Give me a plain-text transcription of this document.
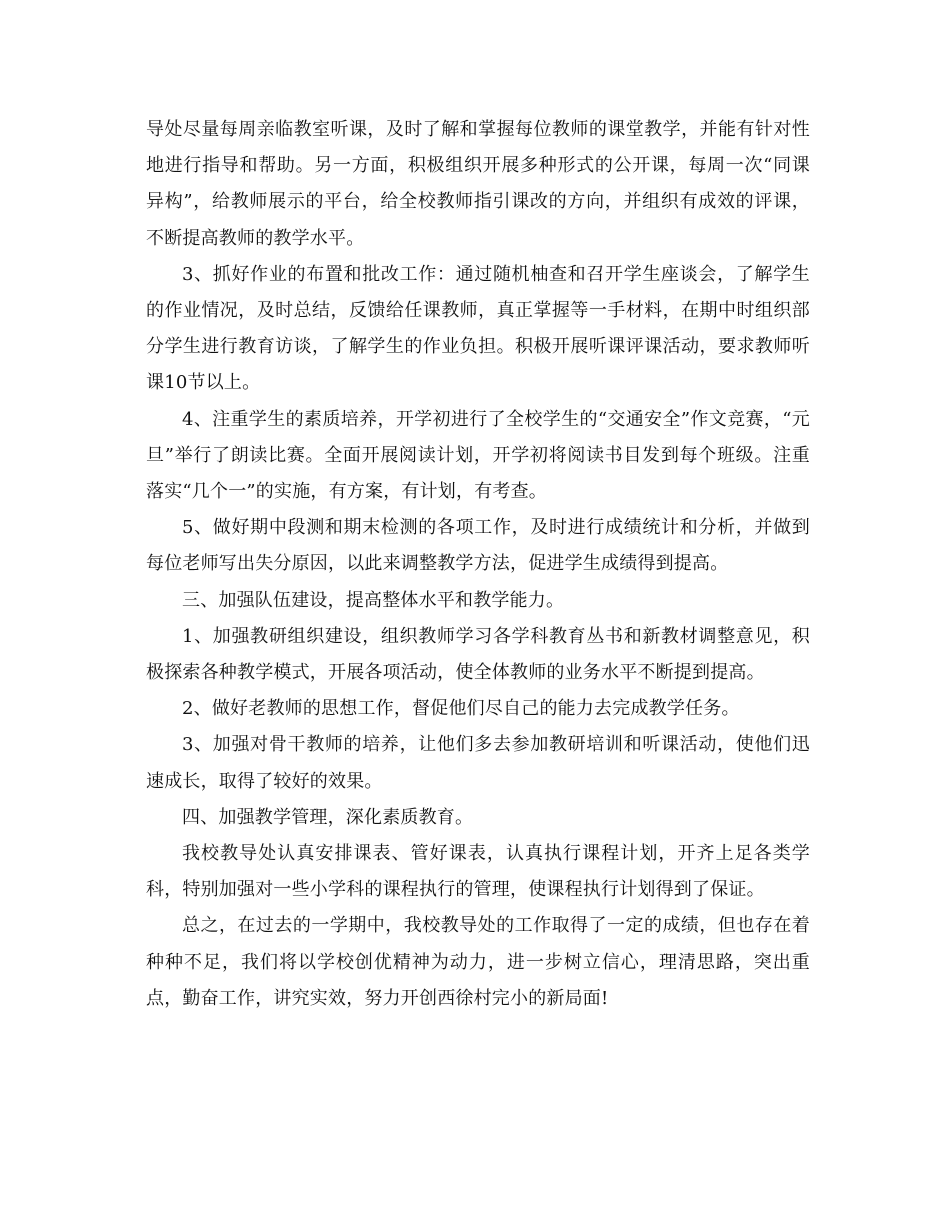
导处尽量每周亲临教室听课，及时了解和掌握每位教师的课堂教学，并能有针对性地进行指导和帮助。另一方面，积极组织开展多种形式的公开课，每周一次“同课异构”，给教师展示的平台，给全校教师指引课改的方向，并组织有成效的评课，不断提高教师的教学水平。

3、抓好作业的布置和批改工作：通过随机柚查和召开学生座谈会，了解学生的作业情况，及时总结，反馈给任课教师，真正掌握等一手材料，在期中时组织部分学生进行教育访谈，了解学生的作业负担。积极开展听课评课活动，要求教师听课10节以上。

4、注重学生的素质培养，开学初进行了全校学生的“交通安全”作文竞赛，“元旦”举行了朗读比赛。全面开展阅读计划，开学初将阅读书目发到每个班级。注重落实“几个一”的实施，有方案，有计划，有考查。

5、做好期中段测和期末检测的各项工作，及时进行成绩统计和分析，并做到每位老师写出失分原因，以此来调整教学方法，促进学生成绩得到提高。

三、加强队伍建设，提高整体水平和教学能力。

1、加强教研组织建设，组织教师学习各学科教育丛书和新教材调整意见，积极探索各种教学模式，开展各项活动，使全体教师的业务水平不断提到提高。

2、做好老教师的思想工作，督促他们尽自己的能力去完成教学任务。

3、加强对骨干教师的培养，让他们多去参加教研培训和听课活动，使他们迅速成长，取得了较好的效果。

四、加强教学管理，深化素质教育。

我校教导处认真安排课表、管好课表，认真执行课程计划，开齐上足各类学科，特别加强对一些小学科的课程执行的管理，使课程执行计划得到了保证。

总之，在过去的一学期中，我校教导处的工作取得了一定的成绩，但也存在着种种不足，我们将以学校创优精神为动力，进一步树立信心，理清思路，突出重点，勤奋工作，讲究实效，努力开创西徐村完小的新局面!
